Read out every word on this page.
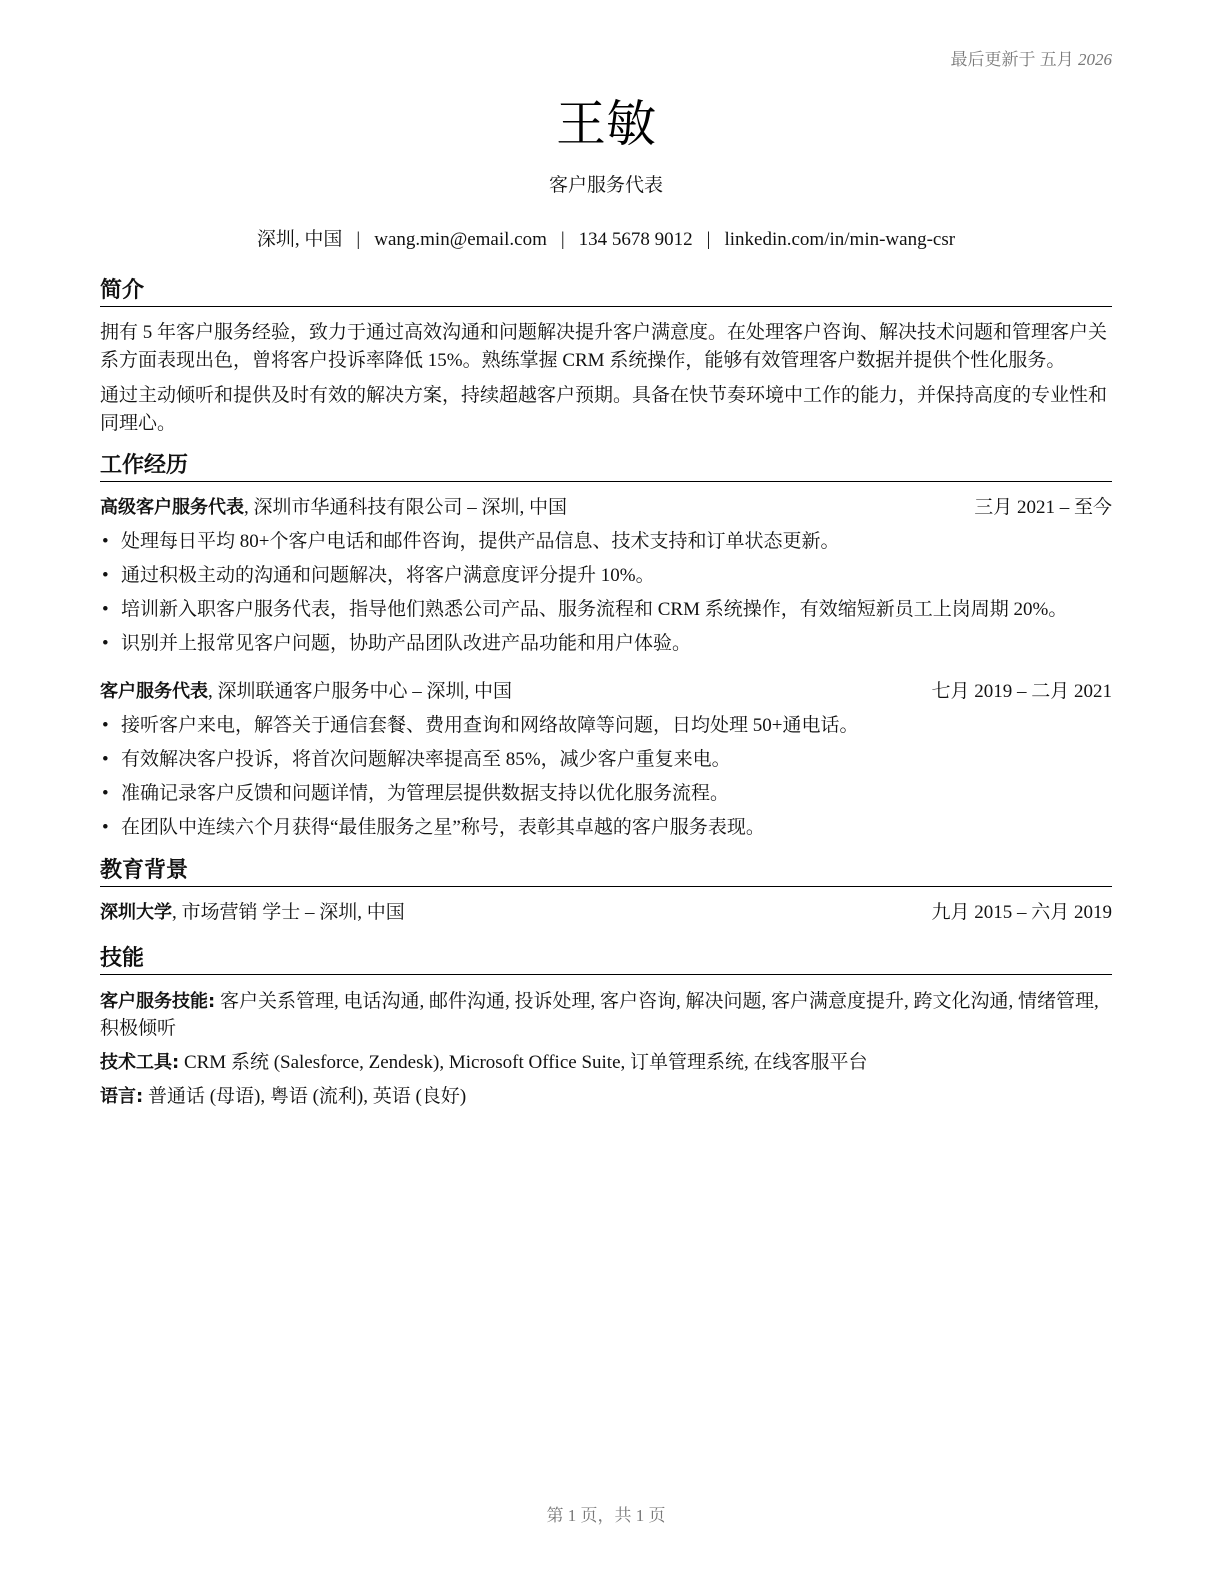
最后更新于 五月 2026
王敏
客户服务代表
深圳, 中国 | wang.min@email.com | 134 5678 9012 | linkedin.com/in/min-wang-csr
简介

拥有 5 年客户服务经验，致力于通过高效沟通和问题解决提升客户满意度。在处理客户咨询、解决技术问题和管理客户关系方面表现出色，曾将客户投诉率降低 15%。熟练掌握 CRM 系统操作，能够有效管理客户数据并提供个性化服务。

通过主动倾听和提供及时有效的解决方案，持续超越客户预期。具备在快节奏环境中工作的能力，并保持高度的专业性和同理心。

工作经历
高级客户服务代表, 深圳市华通科技有限公司 – 深圳, 中国	三月 2021 – 至今
• 处理每日平均 80+个客户电话和邮件咨询，提供产品信息、技术支持和订单状态更新。
• 通过积极主动的沟通和问题解决，将客户满意度评分提升 10%。
• 培训新入职客户服务代表，指导他们熟悉公司产品、服务流程和 CRM 系统操作，有效缩短新员工上岗周期 20%。
• 识别并上报常见客户问题，协助产品团队改进产品功能和用户体验。
客户服务代表, 深圳联通客户服务中心 – 深圳, 中国	七月 2019 – 二月 2021
• 接听客户来电，解答关于通信套餐、费用查询和网络故障等问题，日均处理 50+通电话。
• 有效解决客户投诉，将首次问题解决率提高至 85%，减少客户重复来电。
• 准确记录客户反馈和问题详情，为管理层提供数据支持以优化服务流程。
• 在团队中连续六个月获得“最佳服务之星”称号，表彰其卓越的客户服务表现。
教育背景
深圳大学, 市场营销 学士 – 深圳, 中国	九月 2015 – 六月 2019
技能

客户服务技能: 客户关系管理, 电话沟通, 邮件沟通, 投诉处理, 客户咨询, 解决问题, 客户满意度提升, 跨文化沟通, 情绪管理, 积极倾听

技术工具: CRM 系统 (Salesforce, Zendesk), Microsoft Office Suite, 订单管理系统, 在线客服平台

语言: 普通话 (母语), 粤语 (流利), 英语 (良好)

第 1 页，共 1 页
